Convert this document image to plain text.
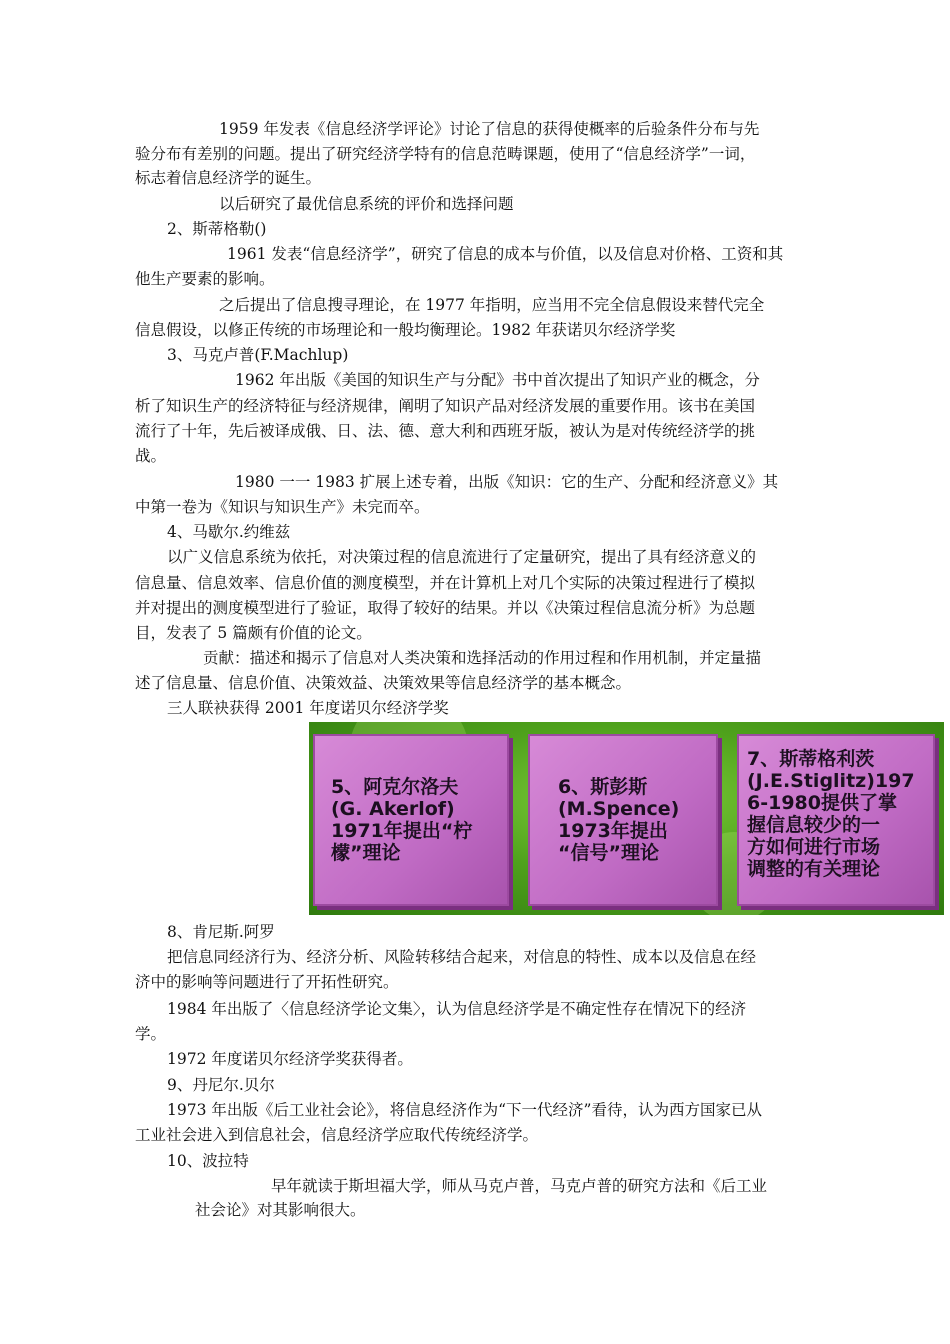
1959 年发表《信息经济学评论》讨论了信息的获得使概率的后验条件分布与先
验分布有差别的问题。提出了研究经济学特有的信息范畴课题，使用了“信息经济学”一词，
标志着信息经济学的诞生。
以后研究了最优信息系统的评价和选择问题
2、斯蒂格勒()
1961 发表“信息经济学”，研究了信息的成本与价值，以及信息对价格、工资和其
他生产要素的影响。
之后提出了信息搜寻理论，在 1977 年指明，应当用不完全信息假设来替代完全
信息假设，以修正传统的市场理论和一般均衡理论。1982 年获诺贝尔经济学奖
3、马克卢普(F.Machlup)
1962 年出版《美国的知识生产与分配》书中首次提出了知识产业的概念，分
析了知识生产的经济特征与经济规律，阐明了知识产品对经济发展的重要作用。该书在美国
流行了十年，先后被译成俄、日、法、德、意大利和西班牙版，被认为是对传统经济学的挑
战。
1980 一一 1983 扩展上述专着，出版《知识：它的生产、分配和经济意义》其
中第一卷为《知识与知识生产》未完而卒。
4、马歇尔.约维兹
以广义信息系统为依托，对决策过程的信息流进行了定量研究，提出了具有经济意义的
信息量、信息效率、信息价值的测度模型，并在计算机上对几个实际的决策过程进行了模拟
并对提出的测度模型进行了验证，取得了较好的结果。并以《决策过程信息流分析》为总题
目，发表了 5 篇颇有价值的论文。
贡献：描述和揭示了信息对人类决策和选择活动的作用过程和作用机制，并定量描
述了信息量、信息价值、决策效益、决策效果等信息经济学的基本概念。
三人联袂获得 2001 年度诺贝尔经济学奖
5、阿克尔洛夫
(G. Akerlof)
1971年提出“柠
檬”理论
6、斯彭斯
(M.Spence)
1973年提出
“信号”理论
7、斯蒂格利茨
(J.E.Stiglitz)197
6-1980提供了掌
握信息较少的一
方如何进行市场
调整的有关理论
8、肯尼斯.阿罗
把信息同经济行为、经济分析、风险转移结合起来，对信息的特性、成本以及信息在经
济中的影响等问题进行了开拓性研究。
1984 年出版了〈信息经济学论文集〉，认为信息经济学是不确定性存在情况下的经济
学。
1972 年度诺贝尔经济学奖获得者。
9、丹尼尔.贝尔
1973 年出版《后工业社会论》，将信息经济作为“下一代经济”看待，认为西方国家已从
工业社会进入到信息社会，信息经济学应取代传统经济学。
10、波拉特
早年就读于斯坦福大学，师从马克卢普，马克卢普的研究方法和《后工业
社会论》对其影响很大。
